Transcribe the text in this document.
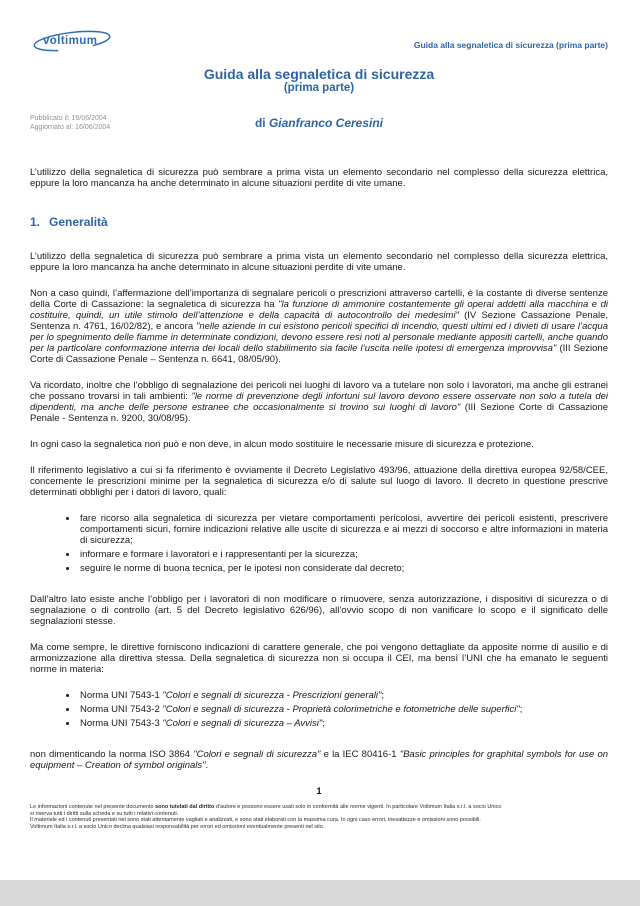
voltimum	Guida alla segnaletica di sicurezza (prima parte)
Guida alla segnaletica di sicurezza
(prima parte)
Pubblicato il: 16/06/2004
Aggiornato al: 16/06/2004	di Gianfranco Ceresini

L’utilizzo della segnaletica di sicurezza può sembrare a prima vista un elemento secondario nel complesso della sicurezza elettrica, eppure la loro mancanza ha anche determinato in alcune situazioni perdite di vite umane.

1. Generalità

L’utilizzo della segnaletica di sicurezza può sembrare a prima vista un elemento secondario nel complesso della sicurezza elettrica, eppure la loro mancanza ha anche determinato in alcune situazioni perdite di vite umane.

Non a caso quindi, l’affermazione dell’importanza di segnalare pericoli o prescrizioni attraverso cartelli, è la costante di diverse sentenze della Corte di Cassazione: la segnaletica di sicurezza ha "la funzione di ammonire costantemente gli operai addetti alla macchina e di costituire, quindi, un utile stimolo dell’attenzione e della capacità di autocontrollo dei medesimi" (IV Sezione Cassazione Penale, Sentenza n. 4761, 16/02/82), e ancora "nelle aziende in cui esistono pericoli specifici di incendio, questi ultimi ed i divieti di usare l’acqua per lo spegnimento delle fiamme in determinate condizioni, devono essere resi noti al personale mediante appositi cartelli, anche quando per la particolare conformazione interna dei locali dello stabilimento sia facile l’uscita nelle ipotesi di emergenza improvvisa" (III Sezione Corte di Cassazione Penale – Sentenza n. 6641, 08/05/90).

Va ricordato, inoltre che l’obbligo di segnalazione dei pericoli nei luoghi di lavoro va a tutelare non solo i lavoratori, ma anche gli estranei che possano trovarsi in tali ambienti: "le norme di prevenzione degli infortuni sul lavoro devono essere osservate non solo a tutela dei dipendenti, ma anche delle persone estranee che occasionalmente si trovino sui luoghi di lavoro" (III Sezione Corte di Cassazione Penale - Sentenza n. 9200, 30/08/95).

In ogni caso la segnaletica non può e non deve, in alcun modo sostituire le necessarie misure di sicurezza e protezione.

Il riferimento legislativo a cui si fa riferimento è ovviamente il Decreto Legislativo 493/96, attuazione della direttiva europea 92/58/CEE, concernente le prescrizioni minime per la segnaletica di sicurezza e/o di salute sul luogo di lavoro. Il decreto in questione prescrive determinati obblighi per i datori di lavoro, quali:

• fare ricorso alla segnaletica di sicurezza per vietare comportamenti pericolosi, avvertire dei pericoli esistenti, prescrivere comportamenti sicuri, fornire indicazioni relative alle uscite di sicurezza e ai mezzi di soccorso e altre informazioni in materia di sicurezza;
• informare e formare i lavoratori e i rappresentanti per la sicurezza;
• seguire le norme di buona tecnica, per le ipotesi non considerate dal decreto;

Dall’altro lato esiste anche l’obbligo per i lavoratori di non modificare o rimuovere, senza autorizzazione, i dispositivi di sicurezza o di segnalazione o di controllo (art. 5 del Decreto legislativo 626/96), all’ovvio scopo di non vanificare lo scopo e il significato delle segnalazioni stesse.

Ma come sempre, le direttive forniscono indicazioni di carattere generale, che poi vengono dettagliate da apposite norme di ausilio e di armonizzazione alla direttiva stessa. Della segnaletica di sicurezza non si occupa il CEI, ma bensì l’UNI che ha emanato le seguenti norme in materia:

• Norma UNI 7543-1 "Colori e segnali di sicurezza - Prescrizioni generali";
• Norma UNI 7543-2 "Colori e segnali di sicurezza - Proprietà colorimetriche e fotometriche delle superfici";
• Norma UNI 7543-3 "Colori e segnali di sicurezza – Avvisi";

non dimenticando la norma ISO 3864 "Colori e segnali di sicurezza" e la IEC 80416-1 "Basic principles for graphital symbols for use on equipment – Creation of symbol originals".

1
Le informazioni contenute nel presente documento sono tutelati dal diritto d’autore e possono essere usati solo in conformità alle norme vigenti. In particolare Voltimum Italia s.r.l. a socio Unico
si riserva tutti i diritti sulla scheda e su tutti i relativi contenuti.
Il materiale ed i contenuti presentati nel sono stati attentamente vagliati e analizzati, e sono stati elaborati con la massima cura. In ogni caso errori, inesattezze e omissioni sono possibili.
Voltimum Italia s.r.l. a socio Unico declina qualsiasi responsabilità per errori ed omissioni eventualmente presenti nel sito.
